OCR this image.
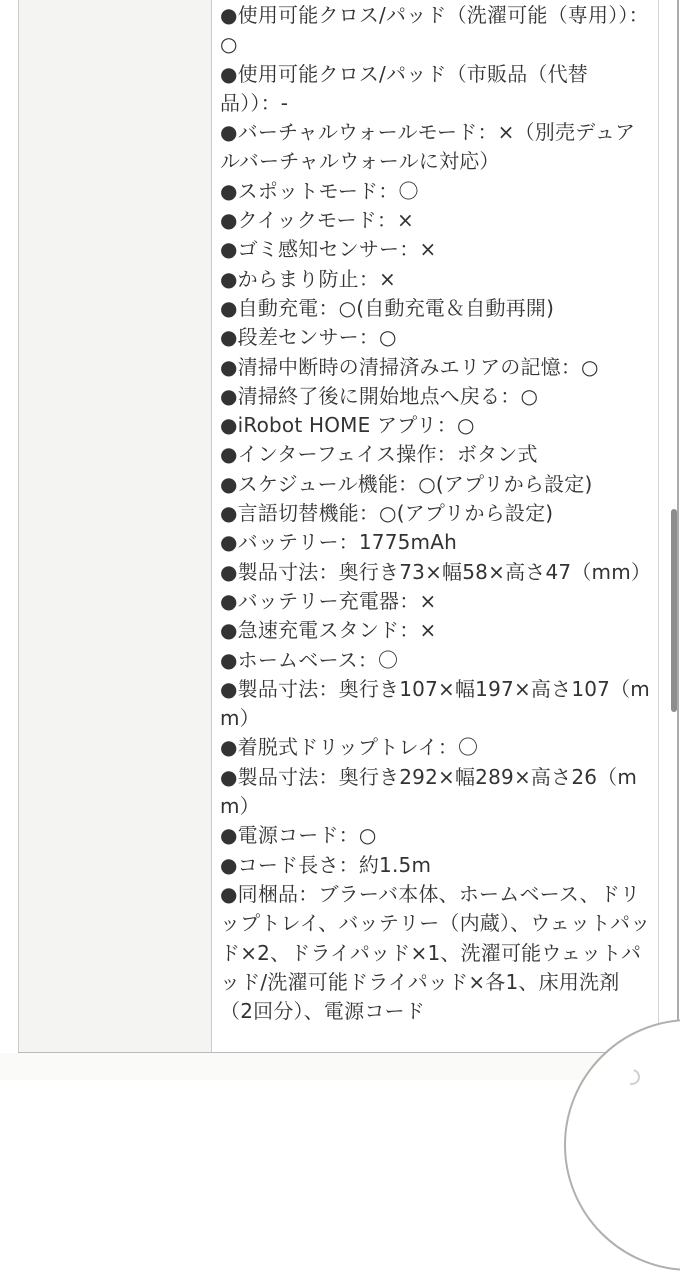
●使用可能クロス/パッド（洗濯可能（専用））：○
●使用可能クロス/パッド（市販品（代替品））：-
●バーチャルウォールモード：×（別売デュアルバーチャルウォールに対応）
●スポットモード：〇
●クイックモード：×
●ゴミ感知センサー：×
●からまり防止：×
●自動充電：○(自動充電＆自動再開)
●段差センサー：○
●清掃中断時の清掃済みエリアの記憶：○
●清掃終了後に開始地点へ戻る：○
●iRobot HOME アプリ：○
●インターフェイス操作：ボタン式
●スケジュール機能：○(アプリから設定)
●言語切替機能：○(アプリから設定)
●バッテリー：1775mAh
●製品寸法：奥行き73×幅58×高さ47（mm）
●バッテリー充電器：×
●急速充電スタンド：×
●ホームベース：〇
●製品寸法：奥行き107×幅197×高さ107（mm）
●着脱式ドリップトレイ：〇
●製品寸法：奥行き292×幅289×高さ26（mm）
●電源コード：○
●コード長さ：約1.5m
●同梱品：ブラーバ本体、ホームベース、ドリップトレイ、バッテリー（内蔵）、ウェットパッド×2、ドライパッド×1、洗濯可能ウェットパッド/洗濯可能ドライパッド×各1、床用洗剤（2回分）、電源コード
